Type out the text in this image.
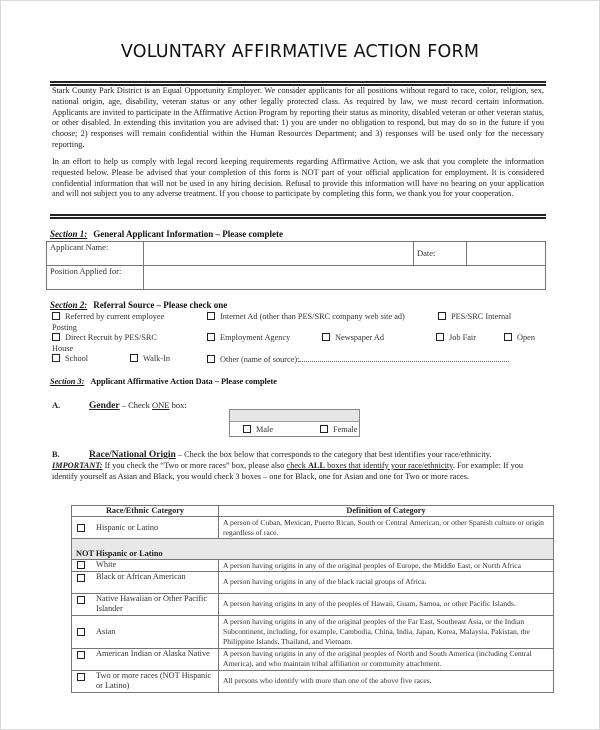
VOLUNTARY AFFIRMATIVE ACTION FORM
Stark County Park District is an Equal Opportunity Employer. We consider applicants for all positions without regard to race, color, religion, sex, national origin, age, disability, veteran status or any other legally protected class. As required by law, we must record certain information. Applicants are invited to participate in the Affirmative Action Program by reporting their status as minority, disabled veteran or other veteran status, or other disabled. In extending this invitation you are advised that: 1) you are under no obligation to respond, but may do so in the future if you choose; 2) responses will remain confidential within the Human Resources Department; and 3) responses will be used only for the necessary reporting.
In an effort to help us comply with legal record keeping requirements regarding Affirmative Action, we ask that you complete the information requested below. Please be advised that your completion of this form is NOT part of your official application for employment. It is considered confidential information that will not be used in any hiring decision. Refusal to provide this information will have no bearing on your application and will not subject you to any adverse treatment. If you choose to participate by completing this form, we thank you for your cooperation.
Section 1: General Applicant Information – Please complete
Applicant Name:		Date:	

Position Applied for:			
Section 2: Referral Source – Please check one
Referred by current employee	Internet Ad (other than PES/SRC company web site ad)	PES/SRC Internal
Posting
Direct Recruit by PES/SRC	Employment Agency	Newspaper Ad	Job Fair	Open
House
School	Walk-In	Other (name of source):
Section 3: Applicant Affirmative Action Data – Please complete
A.	Gender – Check ONE box:
Male	Female
B.	Race/National Origin – Check the box below that corresponds to the category that best identifies your race/ethnicity. IMPORTANT: If you check the “Two or more races” box, please also check ALL boxes that identify your race/ethnicity. For example: If you identify yourself as Asian and Black, you would check 3 boxes – one for Black, one for Asian and one for Two or more races.
Race/Ethnic Category	Definition of Category

Hispanic or Latino	A person of Cuban, Mexican, Puerto Rican, South or Central American, or other Spanish culture or origin regardless of race.
NOT Hispanic or Latino	

White	A person having origins in any of the original peoples of Europe, the Middle East, or North Africa

Black or African American	A person having origins in any of the black racial groups of Africa.

Native Hawaiian or Other Pacific Islander	A person having origins in any of the peoples of Hawaii, Guam, Samoa, or other Pacific Islands.

Asian	A person having origins in any of the original peoples of the Far East, Southeast Asia, or the Indian Subcontinent, including, for example, Cambodia, China, India, Japan, Korea, Malaysia, Pakistan, the Philippine Islands, Thailand, and Vietnam.

American Indian or Alaska Native	A person having origins in any of the original peoples of North and South America (including Central America), and who maintain tribal affiliation or community attachment.

Two or more races (NOT Hispanic or Latino)	All persons who identify with more than one of the above five races.
